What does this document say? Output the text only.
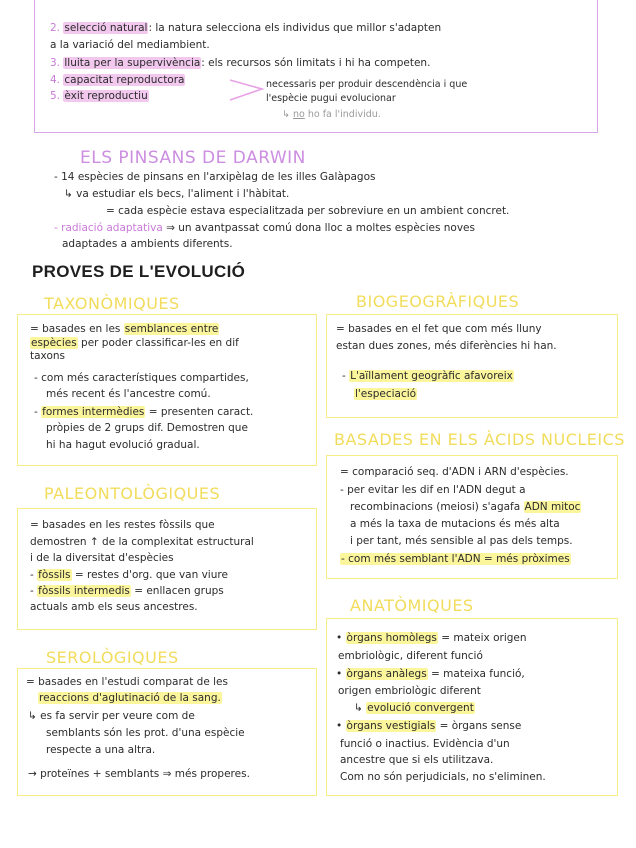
2. selecció natural: la natura selecciona els individus que millor s'adapten
a la variació del mediambient.
3. lluita per la supervivència: els recursos són limitats i hi ha competen.
4. capacitat reproductora
5. èxit reproductiu
necessaris per produir descendència i que
l'espècie pugui evolucionar
↳ no ho fa l'individu.
ELS PINSANS DE DARWIN
- 14 espècies de pinsans en l'arxipèlag de les illes Galàpagos
↳ va estudiar els becs, l'aliment i l'hàbitat.
= cada espècie estava especialitzada per sobreviure en un ambient concret.
- radiació adaptativa ⇒ un avantpassat comú dona lloc a moltes espècies noves
adaptades a ambients diferents.
PROVES DE L'EVOLUCIÓ
TAXONÒMIQUES
= basades en les semblances entre
espècies per poder classificar-les en dif
taxons
- com més característiques compartides,
més recent és l'ancestre comú.
- formes intermèdies = presenten caract.
pròpies de 2 grups dif. Demostren que
hi ha hagut evolució gradual.
BIOGEOGRÀFIQUES
= basades en el fet que com més lluny
estan dues zones, més diferències hi han.
- L'aïllament geogràfic afavoreix
l'especiació
BASADES EN ELS ÀCIDS NUCLEICS
= comparació seq. d'ADN i ARN d'espècies.
- per evitar les dif en l'ADN degut a
recombinacions (meiosi) s'agafa ADN mitoc
a més la taxa de mutacions és més alta
i per tant, més sensible al pas dels temps.
- com més semblant l'ADN = més pròximes
PALEONTOLÒGIQUES
= basades en les restes fòssils que
demostren ↑ de la complexitat estructural
i de la diversitat d'espècies
- fòssils = restes d'org. que van viure
- fòssils intermedis = enllacen grups
actuals amb els seus ancestres.	ANATÒMIQUES
• òrgans homòlegs = mateix origen
embriològic, diferent funció
• òrgans anàlegs = mateixa funció,
origen embriològic diferent
↳ evolució convergent
• òrgans vestigials = òrgans sense
funció o inactius. Evidència d'un
ancestre que si els utilitzava.
Com no són perjudicials, no s'eliminen.
SEROLÒGIQUES
= basades en l'estudi comparat de les
reaccions d'aglutinació de la sang.
↳ es fa servir per veure com de
semblants són les prot. d'una espècie
respecte a una altra.
→ proteïnes + semblants ⇒ més properes.
